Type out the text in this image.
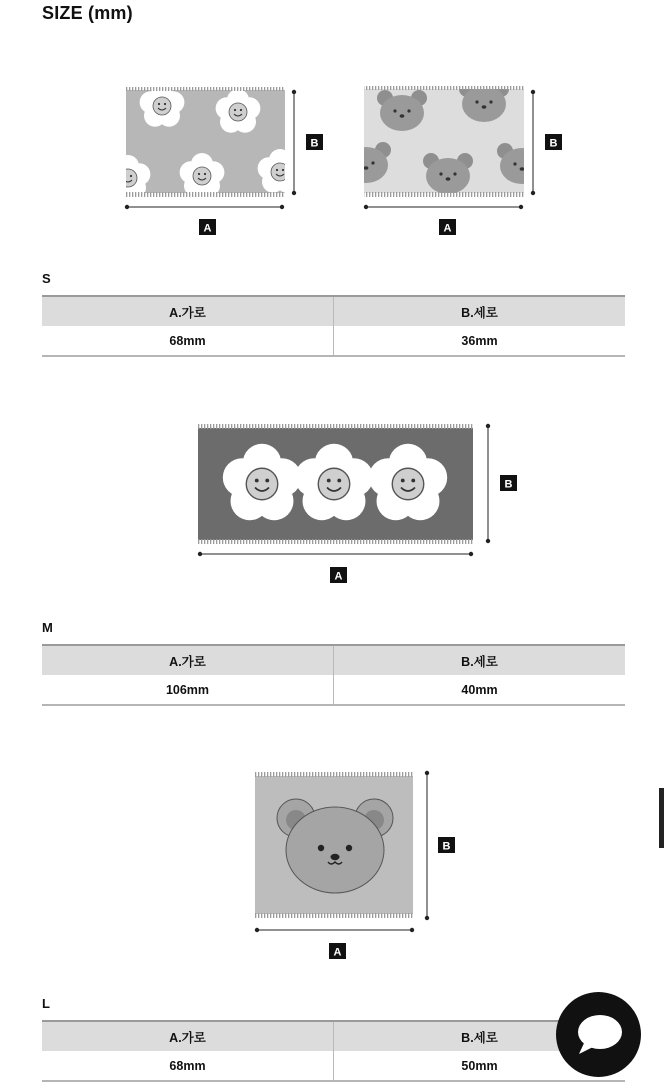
SIZE (mm)
A
B
A
B
S
A.가로	B.세로
68mm	36mm
A
B
M
A.가로	B.세로
106mm	40mm
A
B
L
A.가로	B.세로
68mm	50mm
